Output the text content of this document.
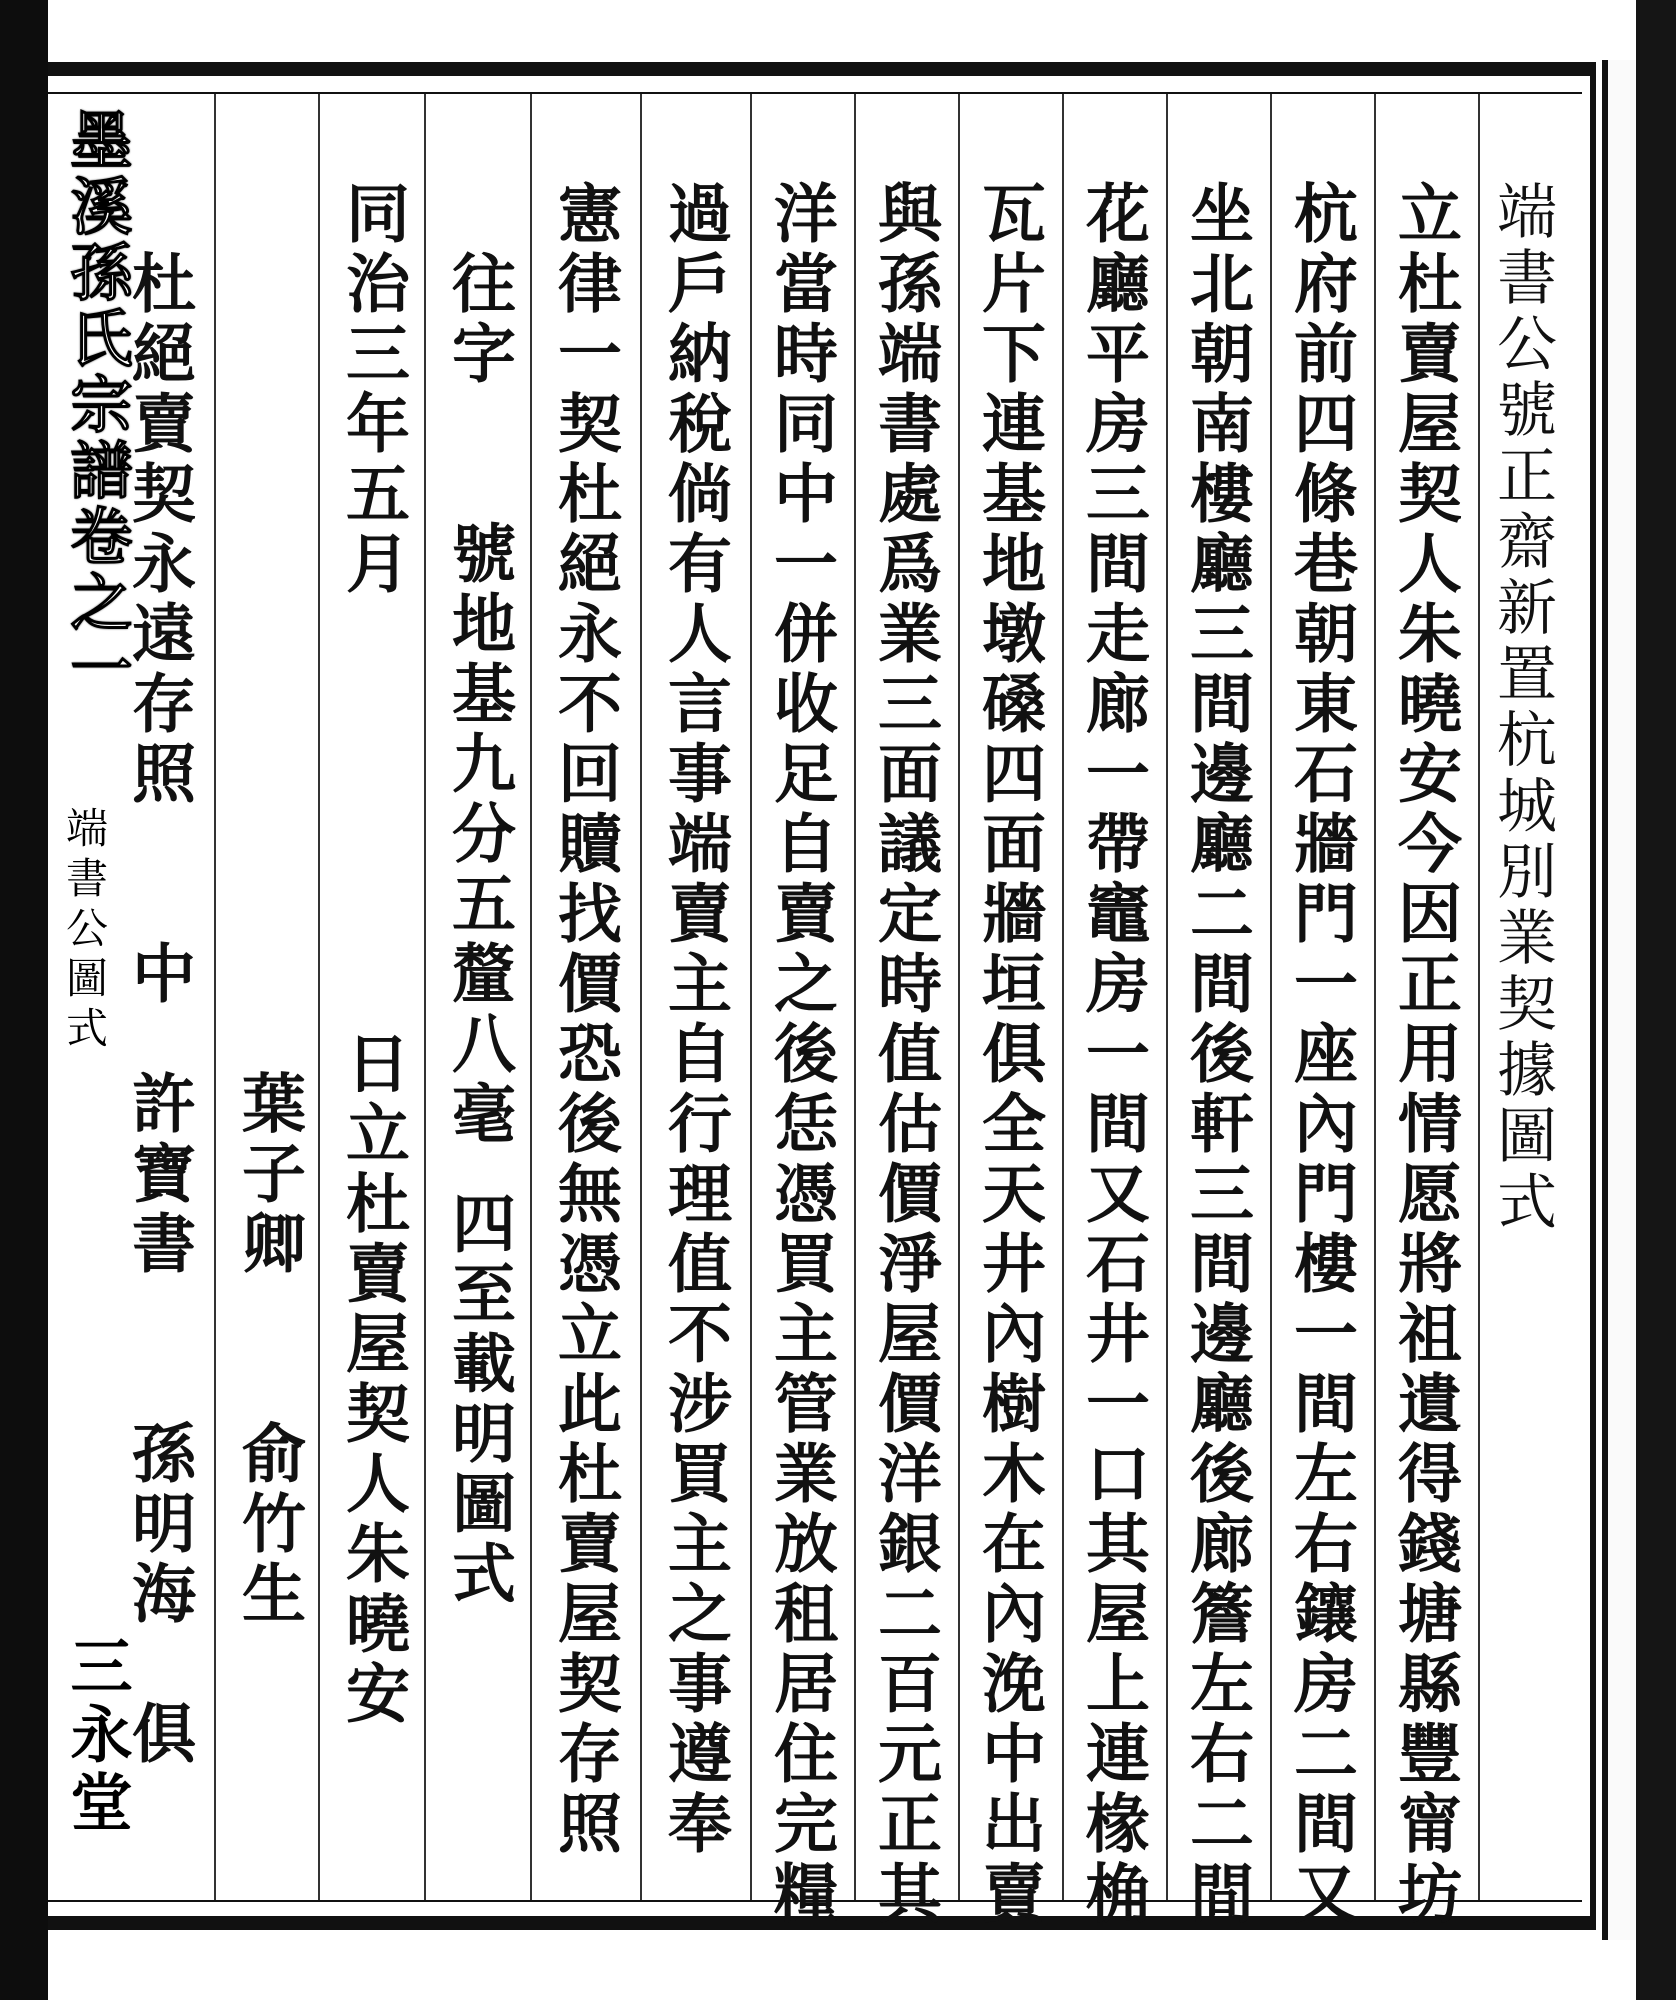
墨溪孫氏宗譜卷之一
端書公圖式
三永堂
端書公號正齋新置杭城別業契據圖式
立杜賣屋契人朱曉安今因正用情愿將祖遺得錢塘縣豐甯坊
杭府前四條巷朝東石牆門一座內門樓一間左右鑲房二間又
坐北朝南樓廳三間邊廳二間後軒三間邊廳後廊簷左右二間
花廳平房三間走廊一帶竈房一間又石井一口其屋上連椽桷
瓦片下連基地墩磉四面牆垣俱全天井內樹木在內浼中出賣
與孫端書處爲業三面議定時值估價淨屋價洋銀二百元正其
洋當時同中一併收足自賣之後恁憑買主管業放租居住完糧
過戶納稅倘有人言事端賣主自行理值不涉買主之事遵奉
憲律一契杜絕永不回贖找價恐後無憑立此杜賣屋契存照
往字
號地基九分五釐八毫
四至載明圖式
同治三年五月
日立杜賣屋契人朱曉安
葉子卿
俞竹生
杜絕賣契永遠存照
中
許寶書
孫明海
俱
